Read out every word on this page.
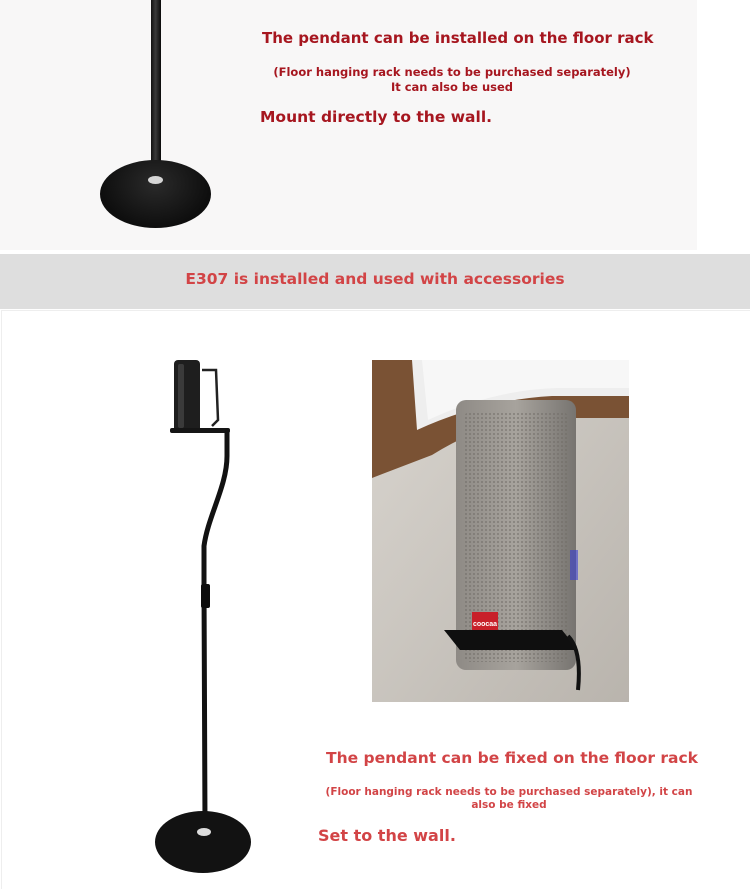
The pendant can be installed on the floor rack
(Floor hanging rack needs to be purchased separately) It can also be used
Mount directly to the wall.
E307 is installed and used with accessories
coocaa
The pendant can be fixed on the floor rack
(Floor hanging rack needs to be purchased separately), it can also be fixed
Set to the wall.
